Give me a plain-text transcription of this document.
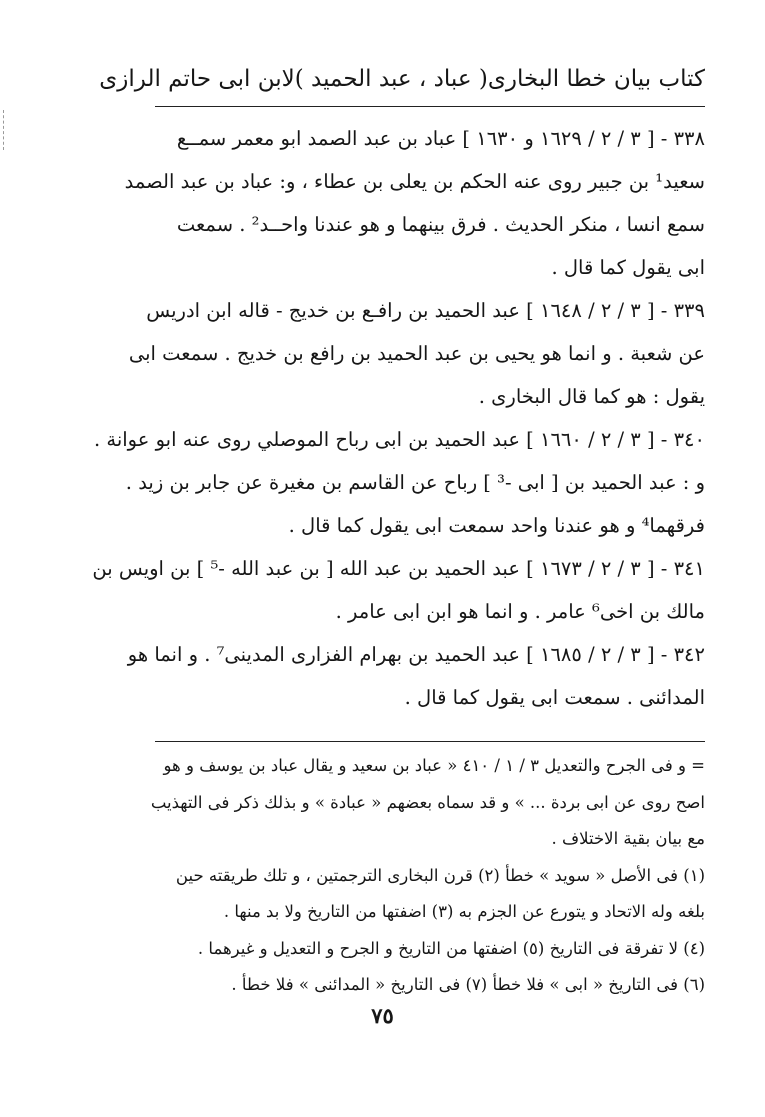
كتاب بيان خطا البخارى
( عباد ، عبد الحميد )
لابن ابى حاتم الرازى

٣٣٨ - [ ٣ / ٢ / ١٦٢٩ و ١٦٣٠ ] عباد بن عبد الصمد ابو معمر سمــع

سعيد¹ بن جبير روى عنه الحكم بن يعلى بن عطاء ، و: عباد بن عبد الصمد

سمع انسا ، منكر الحديث . فرق بينهما و هو عندنا واحــد² . سمعت

ابى يقول كما قال .

٣٣٩ - [ ٣ / ٢ / ١٦٤٨ ] عبد الحميد بن رافـع بن خديج - قاله ابن ادريس

عن شعبة . و انما هو يحيى بن عبد الحميد بن رافع بن خديج . سمعت ابى

يقول : هو كما قال البخارى .

٣٤٠ - [ ٣ / ٢ / ١٦٦٠ ] عبد الحميد بن ابى رباح الموصلي روى عنه ابو عوانة .

و : عبد الحميد بن [ ابى -³ ] رباح عن القاسم بن مغيرة عن جابر بن زيد .

فرقهما⁴ و هو عندنا واحد سمعت ابى يقول كما قال .

٣٤١ - [ ٣ / ٢ / ١٦٧٣ ] عبد الحميد بن عبد الله [ بن عبد الله -⁵ ] بن اويس بن

مالك بن اخى⁶ عامر . و انما هو ابن ابى عامر .

٣٤٢ - [ ٣ / ٢ / ١٦٨٥ ] عبد الحميد بن بهرام الفزارى المدينى⁷ . و انما هو

المدائنى . سمعت ابى يقول كما قال .

= و فى الجرح والتعديل ٣ / ١ / ٤١٠ « عباد بن سعيد و يقال عباد بن يوسف و هو

اصح روى عن ابى بردة ... » و قد سماه بعضهم « عبادة » و بذلك ذكر فى التهذيب

مع بيان بقية الاختلاف .

(١) فى الأصل « سويد » خطأ (٢) قرن البخارى الترجمتين ، و تلك طريقته حين

بلغه وله الاتحاد و يتورع عن الجزم به (٣) اضفتها من التاريخ ولا بد منها .

(٤) لا تفرقة فى التاريخ (٥) اضفتها من التاريخ و الجرح و التعديل و غيرهما .

(٦) فى التاريخ « ابى » فلا خطأ (٧) فى التاريخ « المدائنى » فلا خطأ .

٧٥
